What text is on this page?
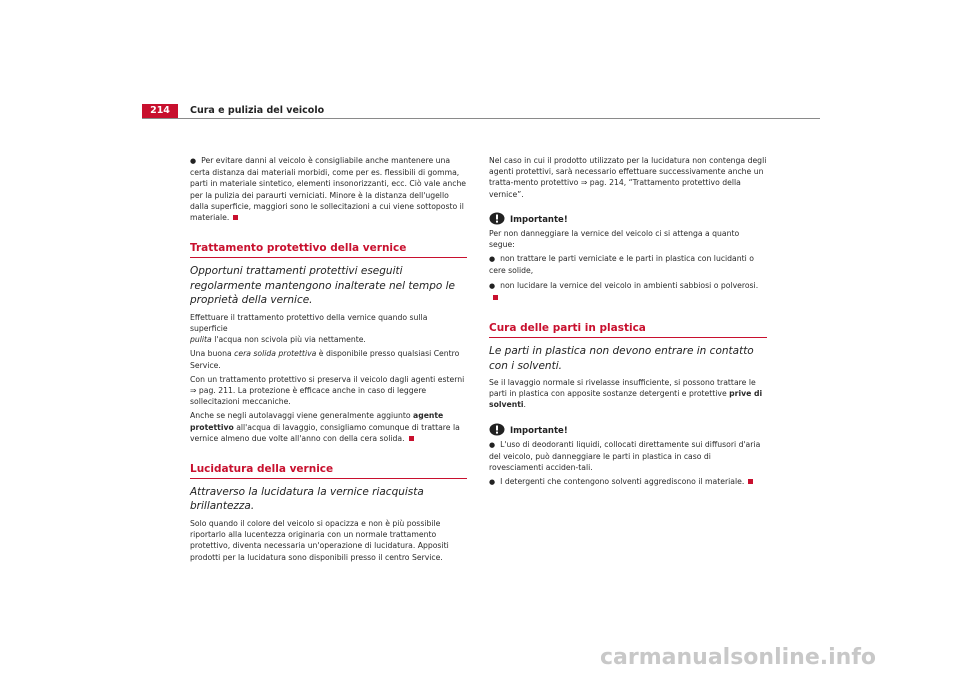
214	Cura e pulizia del veicolo

● Per evitare danni al veicolo è consigliabile anche mantenere una certa distanza dai materiali morbidi, come per es. flessibili di gomma, parti in materiale sintetico, elementi insonorizzanti, ecc. Ciò vale anche per la pulizia dei paraurti verniciati. Minore è la distanza dell'ugello dalla superficie, maggiori sono le sollecitazioni a cui viene sottoposto il materiale.

Trattamento protettivo della vernice
Opportuni trattamenti protettivi eseguiti regolarmente mantengono inalterate nel tempo le proprietà della vernice.

Effettuare il trattamento protettivo della vernice quando sulla superficie
pulita l'acqua non scivola più via nettamente.

Una buona cera solida protettiva è disponibile presso qualsiasi Centro Service.

Con un trattamento protettivo si preserva il veicolo dagli agenti esterni ⇒ pag. 211. La protezione è efficace anche in caso di leggere sollecitazioni meccaniche.

Anche se negli autolavaggi viene generalmente aggiunto agente protettivo all'acqua di lavaggio, consigliamo comunque di trattare la vernice almeno due volte all'anno con della cera solida.

Lucidatura della vernice
Attraverso la lucidatura la vernice riacquista brillantezza.

Solo quando il colore del veicolo si opacizza e non è più possibile riportarlo alla lucentezza originaria con un normale trattamento protettivo, diventa necessaria un'operazione di lucidatura. Appositi prodotti per la lucidatura sono disponibili presso il centro Service.

Nel caso in cui il prodotto utilizzato per la lucidatura non contenga degli agenti protettivi, sarà necessario effettuare successivamente anche un tratta-mento protettivo ⇒ pag. 214, “Trattamento protettivo della vernice”.

Importante!

Per non danneggiare la vernice del veicolo ci si attenga a quanto segue:

● non trattare le parti verniciate e le parti in plastica con lucidanti o cere solide,

● non lucidare la vernice del veicolo in ambienti sabbiosi o polverosi.

Cura delle parti in plastica
Le parti in plastica non devono entrare in contatto con i solventi.

Se il lavaggio normale si rivelasse insufficiente, si possono trattare le parti in plastica con apposite sostanze detergenti e protettive prive di solventi.

Importante!

● L'uso di deodoranti liquidi, collocati direttamente sui diffusori d'aria del veicolo, può danneggiare le parti in plastica in caso di rovesciamenti acciden-tali.

● I detergenti che contengono solventi aggrediscono il materiale.

carmanualsonline.info
